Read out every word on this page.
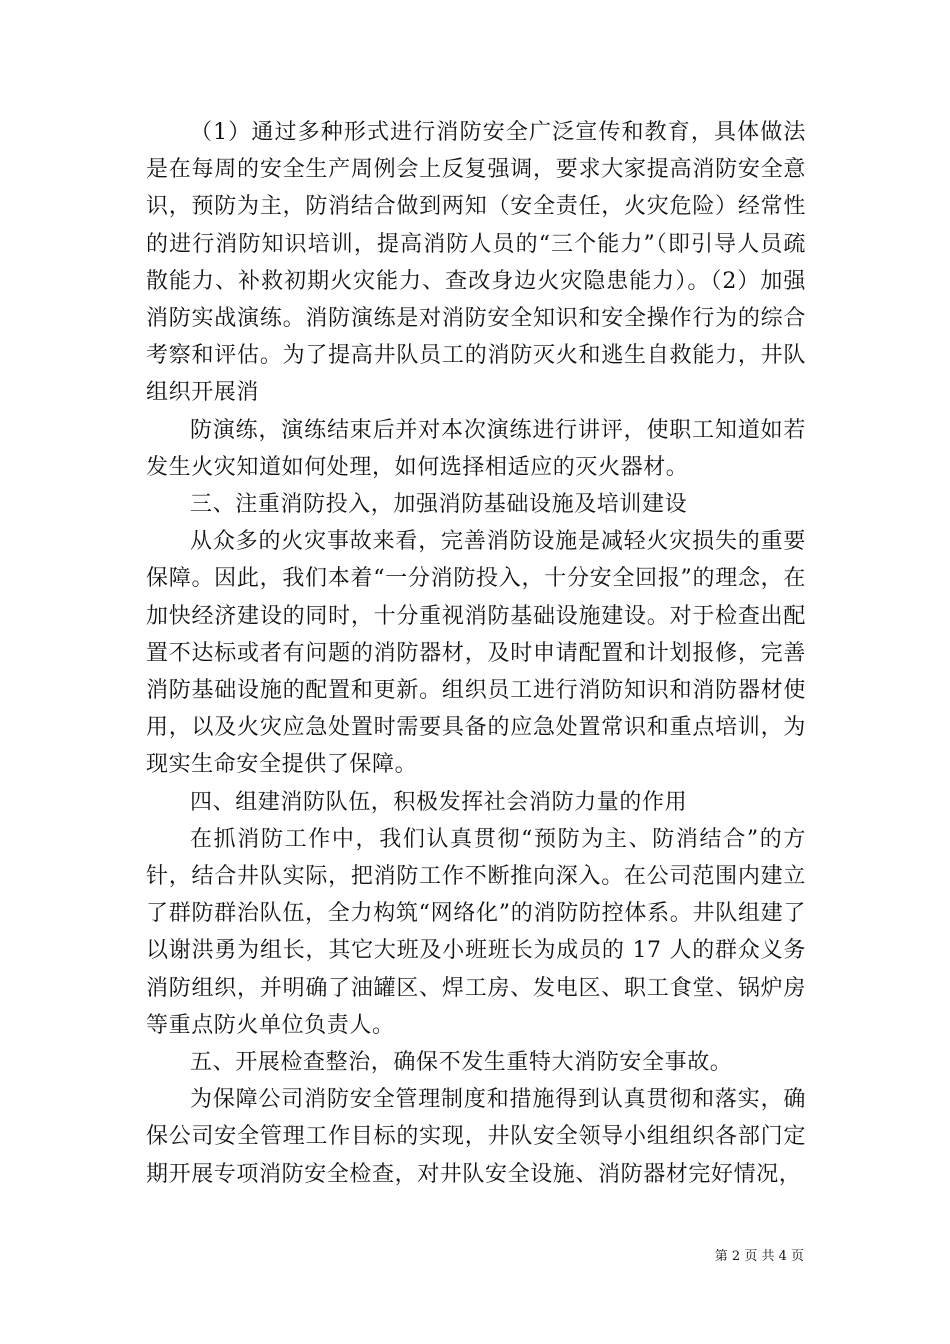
（1）通过多种形式进行消防安全广泛宣传和教育，具体做法是在每周的安全生产周例会上反复强调，要求大家提高消防安全意识，预防为主，防消结合做到两知（安全责任，火灾危险）经常性的进行消防知识培训，提高消防人员的“三个能力”（即引导人员疏散能力、补救初期火灾能力、查改身边火灾隐患能力）。（2）加强消防实战演练。消防演练是对消防安全知识和安全操作行为的综合考察和评估。为了提高井队员工的消防灭火和逃生自救能力，井队组织开展消

防演练，演练结束后并对本次演练进行讲评，使职工知道如若发生火灾知道如何处理，如何选择相适应的灭火器材。

三、注重消防投入，加强消防基础设施及培训建设

从众多的火灾事故来看，完善消防设施是减轻火灾损失的重要保障。因此，我们本着“一分消防投入，十分安全回报”的理念，在加快经济建设的同时，十分重视消防基础设施建设。对于检查出配置不达标或者有问题的消防器材，及时申请配置和计划报修，完善消防基础设施的配置和更新。组织员工进行消防知识和消防器材使用，以及火灾应急处置时需要具备的应急处置常识和重点培训，为现实生命安全提供了保障。

四、组建消防队伍，积极发挥社会消防力量的作用

在抓消防工作中，我们认真贯彻“预防为主、防消结合”的方针，结合井队实际，把消防工作不断推向深入。在公司范围内建立了群防群治队伍，全力构筑“网络化”的消防防控体系。井队组建了以谢洪勇为组长，其它大班及小班班长为成员的 17 人的群众义务消防组织，并明确了油罐区、焊工房、发电区、职工食堂、锅炉房等重点防火单位负责人。

五、开展检查整治，确保不发生重特大消防安全事故。

为保障公司消防安全管理制度和措施得到认真贯彻和落实，确保公司安全管理工作目标的实现，井队安全领导小组组织各部门定期开展专项消防安全检查，对井队安全设施、消防器材完好情况，

第 2 页 共 4 页
